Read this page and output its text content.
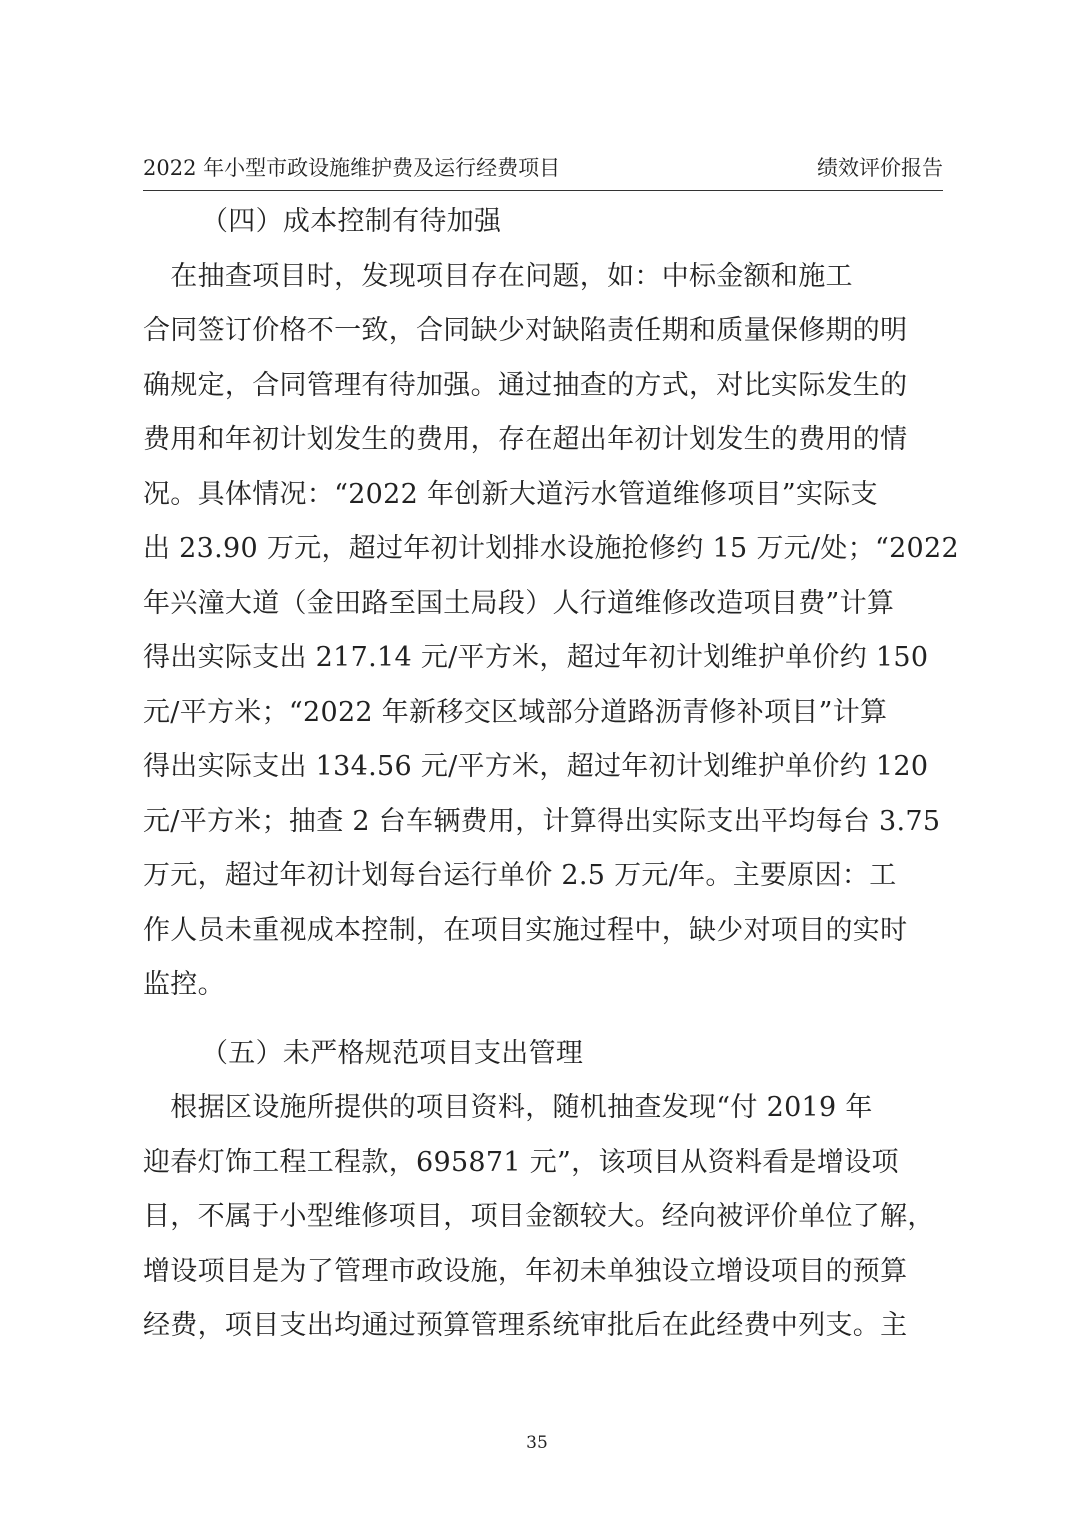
2022 年小型市政设施维护费及运行经费项目	绩效评价报告

（四）成本控制有待加强

　在抽查项目时，发现项目存在问题，如：中标金额和施工

合同签订价格不一致，合同缺少对缺陷责任期和质量保修期的明

确规定，合同管理有待加强。通过抽查的方式，对比实际发生的

费用和年初计划发生的费用，存在超出年初计划发生的费用的情

况。具体情况：“2022 年创新大道污水管道维修项目”实际支

出 23.90 万元，超过年初计划排水设施抢修约 15 万元/处；“2022

年兴潼大道（金田路至国土局段）人行道维修改造项目费”计算

得出实际支出 217.14 元/平方米，超过年初计划维护单价约 150

元/平方米；“2022 年新移交区域部分道路沥青修补项目”计算

得出实际支出 134.56 元/平方米，超过年初计划维护单价约 120

元/平方米；抽查 2 台车辆费用，计算得出实际支出平均每台 3.75

万元，超过年初计划每台运行单价 2.5 万元/年。主要原因：工

作人员未重视成本控制，在项目实施过程中，缺少对项目的实时

监控。

（五）未严格规范项目支出管理

　根据区设施所提供的项目资料，随机抽查发现“付 2019 年

迎春灯饰工程工程款，695871 元”，该项目从资料看是增设项

目，不属于小型维修项目，项目金额较大。经向被评价单位了解，

增设项目是为了管理市政设施，年初未单独设立增设项目的预算

经费，项目支出均通过预算管理系统审批后在此经费中列支。主

35
